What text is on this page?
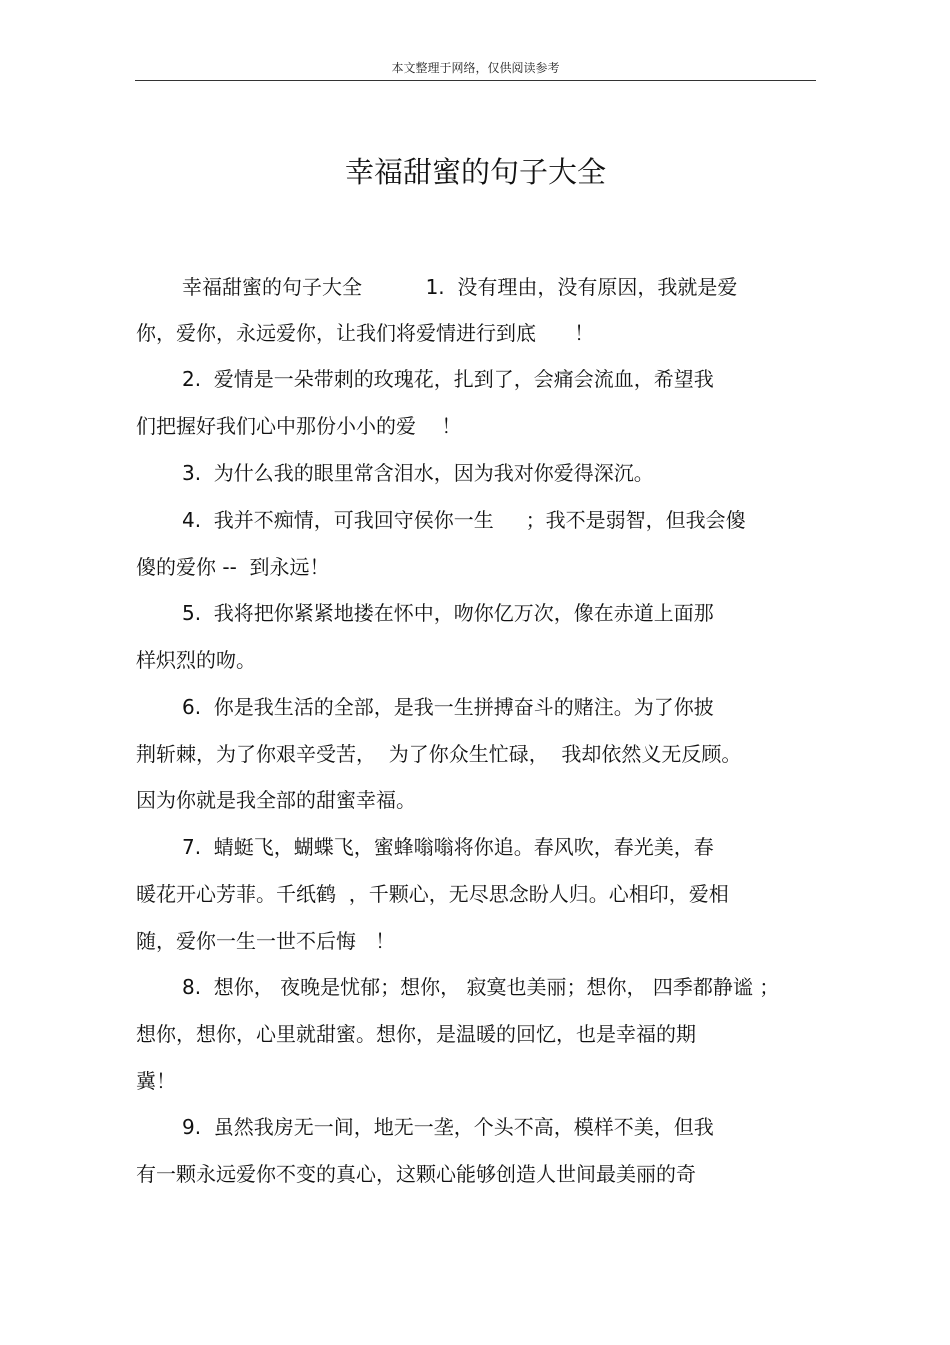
本文整理于网络，仅供阅读参考
幸福甜蜜的句子大全
幸福甜蜜的句子大全          1.  没有理由，没有原因，我就是爱
你，爱你，永远爱你，让我们将爱情进行到底      ！
2.  爱情是一朵带刺的玫瑰花，扎到了，会痛会流血，希望我
们把握好我们心中那份小小的爱    ！
3.  为什么我的眼里常含泪水，因为我对你爱得深沉。
4.  我并不痴情，可我回守侯你一生     ；我不是弱智，但我会傻
傻的爱你 --  到永远！
5.  我将把你紧紧地搂在怀中，吻你亿万次，像在赤道上面那
样炽烈的吻。
6.  你是我生活的全部，是我一生拼搏奋斗的赌注。为了你披
荆斩棘，为了你艰辛受苦，  为了你众生忙碌，  我却依然义无反顾。
因为你就是我全部的甜蜜幸福。
7.  蜻蜓飞，蝴蝶飞，蜜蜂嗡嗡将你追。春风吹，春光美，春
暖花开心芳菲。千纸鹤  ，千颗心，无尽思念盼人归。心相印，爱相
随，爱你一生一世不后悔   ！
8.  想你， 夜晚是忧郁；想你， 寂寞也美丽；想你， 四季都静谧 ；
想你，想你，心里就甜蜜。想你，是温暖的回忆，也是幸福的期
冀！
9.  虽然我房无一间，地无一垄，个头不高，模样不美，但我
有一颗永远爱你不变的真心，这颗心能够创造人世间最美丽的奇
